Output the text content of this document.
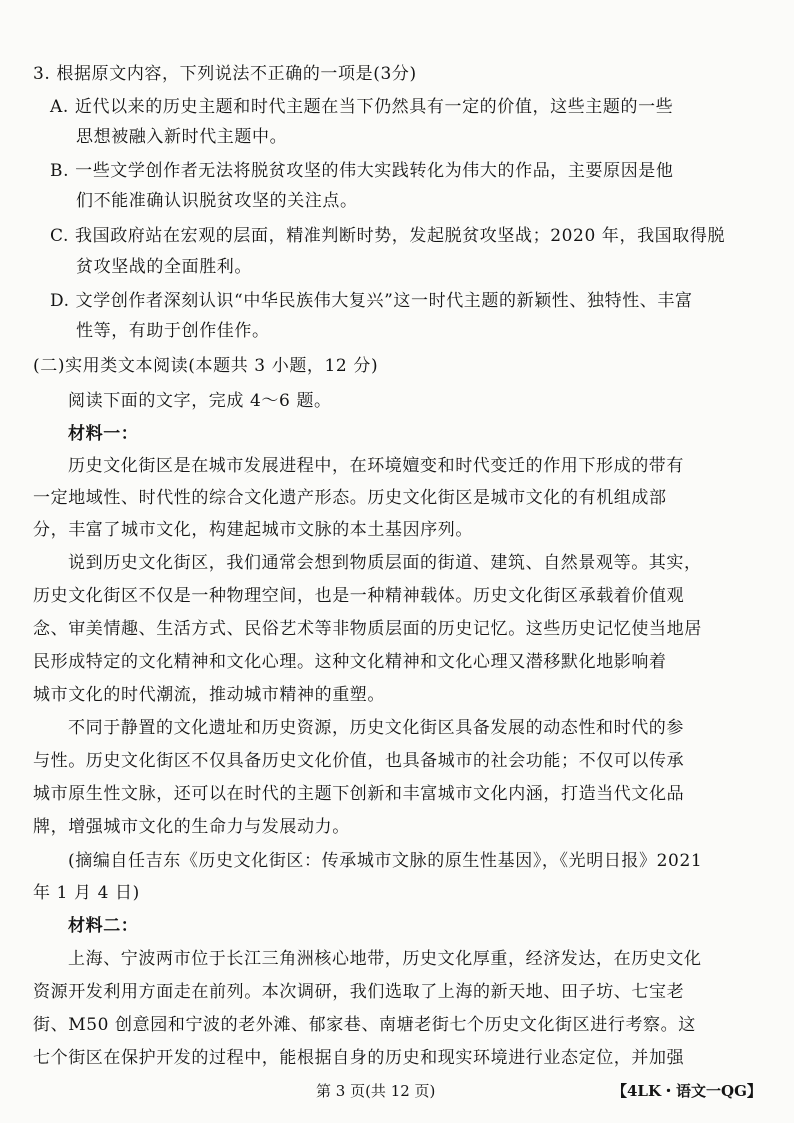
3. 根据原文内容，下列说法不正确的一项是(3分)
A. 近代以来的历史主题和时代主题在当下仍然具有一定的价值，这些主题的一些
思想被融入新时代主题中。
B. 一些文学创作者无法将脱贫攻坚的伟大实践转化为伟大的作品，主要原因是他
们不能准确认识脱贫攻坚的关注点。
C. 我国政府站在宏观的层面，精准判断时势，发起脱贫攻坚战；2020 年，我国取得脱
贫攻坚战的全面胜利。
D. 文学创作者深刻认识“中华民族伟大复兴”这一时代主题的新颖性、独特性、丰富
性等，有助于创作佳作。
(二)实用类文本阅读(本题共 3 小题，12 分)
阅读下面的文字，完成 4～6 题。
材料一：
历史文化街区是在城市发展进程中，在环境嬗变和时代变迁的作用下形成的带有
一定地域性、时代性的综合文化遗产形态。历史文化街区是城市文化的有机组成部
分，丰富了城市文化，构建起城市文脉的本土基因序列。
说到历史文化街区，我们通常会想到物质层面的街道、建筑、自然景观等。其实，
历史文化街区不仅是一种物理空间，也是一种精神载体。历史文化街区承载着价值观
念、审美情趣、生活方式、民俗艺术等非物质层面的历史记忆。这些历史记忆使当地居
民形成特定的文化精神和文化心理。这种文化精神和文化心理又潜移默化地影响着
城市文化的时代潮流，推动城市精神的重塑。
不同于静置的文化遗址和历史资源，历史文化街区具备发展的动态性和时代的参
与性。历史文化街区不仅具备历史文化价值，也具备城市的社会功能；不仅可以传承
城市原生性文脉，还可以在时代的主题下创新和丰富城市文化内涵，打造当代文化品
牌，增强城市文化的生命力与发展动力。
(摘编自任吉东《历史文化街区：传承城市文脉的原生性基因》，《光明日报》2021
年 1 月 4 日)
材料二：
上海、宁波两市位于长江三角洲核心地带，历史文化厚重，经济发达，在历史文化
资源开发利用方面走在前列。本次调研，我们选取了上海的新天地、田子坊、七宝老
街、M50 创意园和宁波的老外滩、郁家巷、南塘老街七个历史文化街区进行考察。这
七个街区在保护开发的过程中，能根据自身的历史和现实环境进行业态定位，并加强
第 3 页(共 12 页)	【4LK・语文一QG】
